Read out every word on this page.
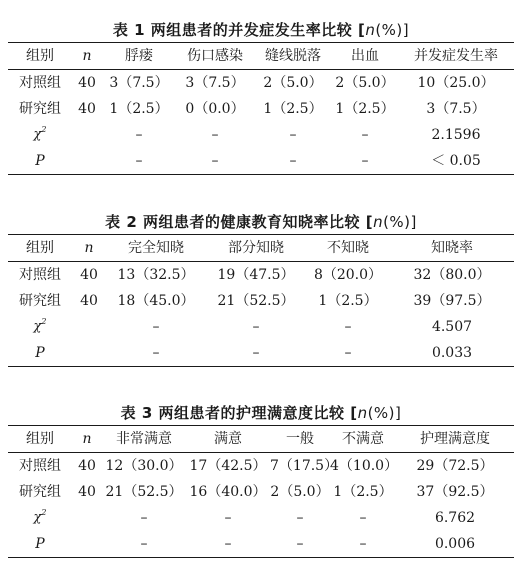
表 1 两组患者的并发症发生率比较 [n(%)]
组别	n	脬瘘	伤口感染	缝线脱落	出血	并发症发生率
对照组	40	3（7.5）	3（7.5）	2（5.0）	2（5.0）	10（25.0）
研究组	40	1（2.5）	0（0.0）	1（2.5）	1（2.5）	3（7.5）
$\chi^2$		–	–	–	–	2.1596
P		–	–	–	–	＜ 0.05
表 2 两组患者的健康教育知晓率比较 [n(%)]
组别	n	完全知晓	部分知晓	不知晓	知晓率
对照组	40	13（32.5）	19（47.5）	8（20.0）	32（80.0）
研究组	40	18（45.0）	21（52.5）	1（2.5）	39（97.5）
$\chi^2$		–	–	–	4.507
P		–	–	–	0.033
表 3 两组患者的护理满意度比较 [n(%)]
组别	n	非常满意	满意	一般	不满意	护理满意度
对照组	40	12（30.0）	17（42.5）	7（17.5）	4（10.0）	29（72.5）
研究组	40	21（52.5）	16（40.0）	2（5.0）	1（2.5）	37（92.5）
$\chi^2$		–	–	–	–	6.762
P		–	–	–	–	0.006
